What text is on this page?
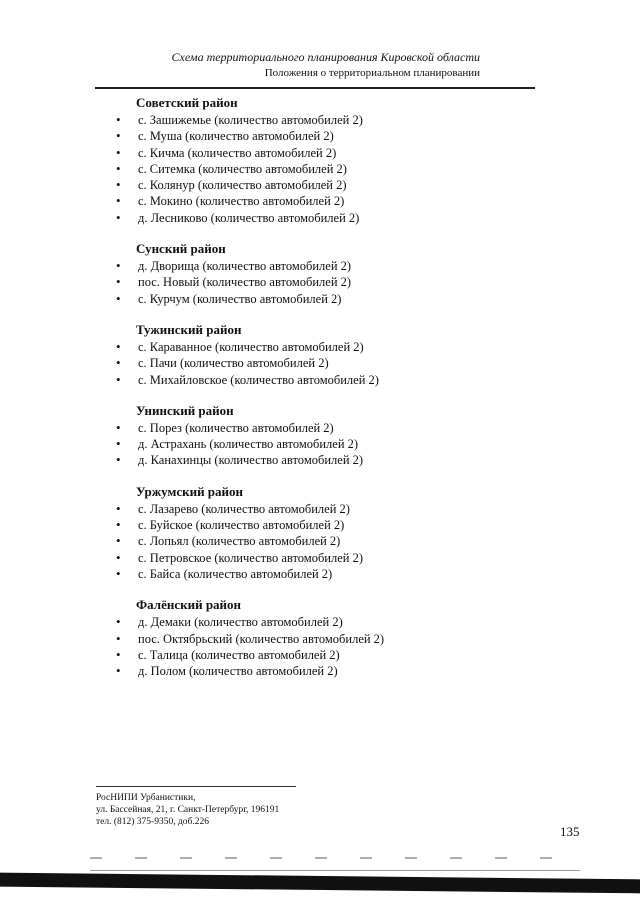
Схема территориального планирования Кировской области
Положения о территориальном планировании
Советский район
• с. Зашижемье (количество автомобилей 2)
• с. Муша (количество автомобилей 2)
• с. Кичма (количество автомобилей 2)
• с. Ситемка (количество автомобилей 2)
• с. Колянур (количество автомобилей 2)
• с. Мокино (количество автомобилей 2)
• д. Лесниково (количество автомобилей 2)
Сунский район
• д. Дворища (количество автомобилей 2)
• пос. Новый (количество автомобилей 2)
• с. Курчум (количество автомобилей 2)
Тужинский район
• с. Караванное (количество автомобилей 2)
• с. Пачи (количество автомобилей 2)
• с. Михайловское (количество автомобилей 2)
Унинский район
• с. Порез (количество автомобилей 2)
• д. Астрахань (количество автомобилей 2)
• д. Канахинцы (количество автомобилей 2)
Уржумский район
• с. Лазарево (количество автомобилей 2)
• с. Буйское (количество автомобилей 2)
• с. Лопьял (количество автомобилей 2)
• с. Петровское (количество автомобилей 2)
• с. Байса (количество автомобилей 2)
Фалёнский район
• д. Демаки (количество автомобилей 2)
• пос. Октябрьский (количество автомобилей 2)
• с. Талица (количество автомобилей 2)
• д. Полом (количество автомобилей 2)
РосНИПИ Урбанистики,
ул. Бассейная, 21, г. Санкт-Петербург, 196191
тел. (812) 375-9350, доб.226
135
